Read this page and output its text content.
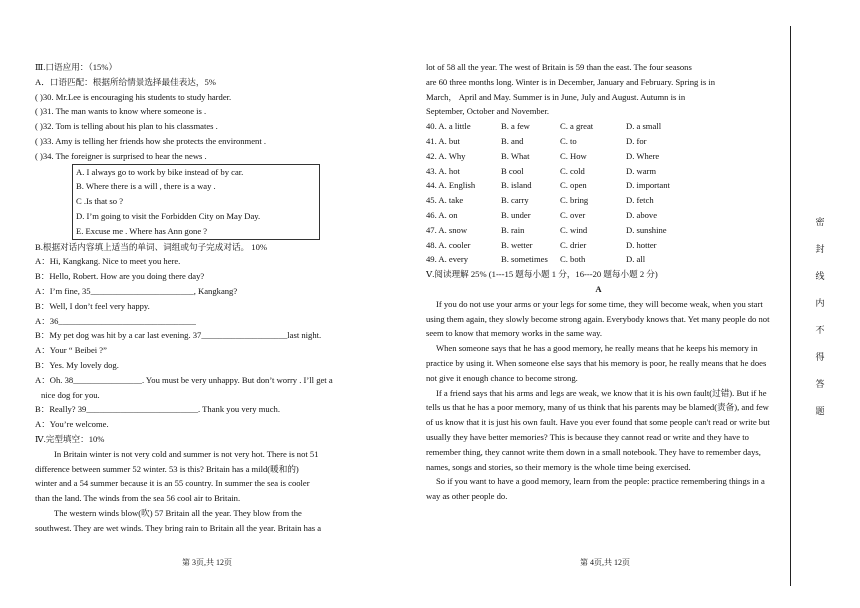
Ⅲ.口语应用：（15%）
A．口语匹配：根据所给情景选择最佳表达，5%
( )30. Mr.Lee is encouraging his students to study harder.
( )31. The man wants to know where someone is .
( )32. Tom is telling about his plan to his classmates .
( )33. Amy is telling her friends how she protects the environment .
( )34. The foreigner is surprised to hear the news .
A. I always go to work by bike instead of by car.
B. Where there is a will , there is a way .
C .Is that so ?
D. I’m going to visit the Forbidden City on May Day.
E. Excuse me . Where has Ann gone ?
B.根据对话内容填上适当的单词、词组或句子完成对话。 10%
A：Hi, Kangkang. Nice to meet you here.
B：Hello, Robert. How are you doing there day?
A：I’m fine, 35________________________, Kangkang?
B：Well, I don’t feel very happy.
A：36________________________________
B：My pet dog was hit by a car last evening. 37____________________last night.
A：Your “ Beibei ?”
B：Yes. My lovely dog.
A：Oh. 38________________. You must be very unhappy. But don’t worry . I’ll get a
nice dog for you.
B：Really? 39__________________________. Thank you very much.
A：You’re welcome.
Ⅳ.完型填空：10%
In Britain winter is not very cold and summer is not very hot. There is not 51
difference between summer 52 winter. 53 is this? Britain has a mild(暖和的)
winter and a 54 summer because it is an 55 country. In summer the sea is cooler
than the land. The winds from the sea 56 cool air to Britain.
The western winds blow(吹) 57 Britain all the year. They blow from the
southwest. They are wet winds. They bring rain to Britain all the year. Britain has a
lot of 58 all the year. The west of Britain is 59 than the east. The four seasons
are 60 three months long. Winter is in December, January and February. Spring is in
March， April and May. Summer is in June, July and August. Autumn is in
September, October and November.
40. A. a little	B. a few	C. a great	D. a small
41. A. but	B. and	C. to	D. for
42. A. Why	B. What	C. How	D. Where
43. A. hot	B cool	C. cold	D. warm
44. A. English	B. island	C. open	D. important
45. A. take	B. carry	C. bring	D. fetch
46. A. on	B. under	C. over	D. above
47. A. snow	B. rain	C. wind	D. sunshine
48. A. cooler	B. wetter	C. drier	D. hotter
49. A. every	B. sometimes	C. both	D. all
Ⅴ.阅读理解 25% (1---15 题每小题 1 分，16---20 题每小题 2 分)
A
If you do not use your arms or your legs for some time, they will become weak, when you start using them again, they slowly become strong again. Everybody knows that. Yet many people do not seem to know that memory works in the same way.
When someone says that he has a good memory, he really means that he keeps his memory in practice by using it. When someone else says that his memory is poor, he really means that he does not give it enough chance to become strong.
If a friend says that his arms and legs are weak, we know that it is his own fault(过错). But if he tells us that he has a poor memory, many of us think that his parents may be blamed(责备), and few of us know that it is just his own fault. Have you ever found that some people can't read or write but usually they have better memories? This is because they cannot read or write and they have to remember thing, they cannot write them down in a small notebook. They have to remember days, names, songs and stories, so their memory is the whole time being exercised.
So if you want to have a good memory, learn from the people: practice remembering things in a way as other people do.
第 3页,共 12页	第 4页,共 12页
密
封
线
内
不
得
答
题
